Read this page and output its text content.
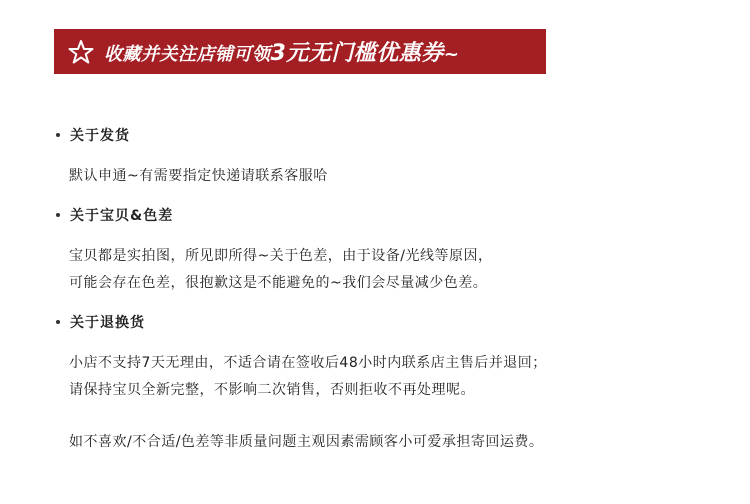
收藏并关注店铺可领3元无门槛优惠券~
关于发货
默认申通~有需要指定快递请联系客服哈
关于宝贝&色差
宝贝都是实拍图，所见即所得~关于色差，由于设备/光线等原因，
可能会存在色差，很抱歉这是不能避免的~我们会尽量减少色差。
关于退换货
小店不支持7天无理由，不适合请在签收后48小时内联系店主售后并退回；
请保持宝贝全新完整，不影响二次销售，否则拒收不再处理呢。
如不喜欢/不合适/色差等非质量问题主观因素需顾客小可爱承担寄回运费。
